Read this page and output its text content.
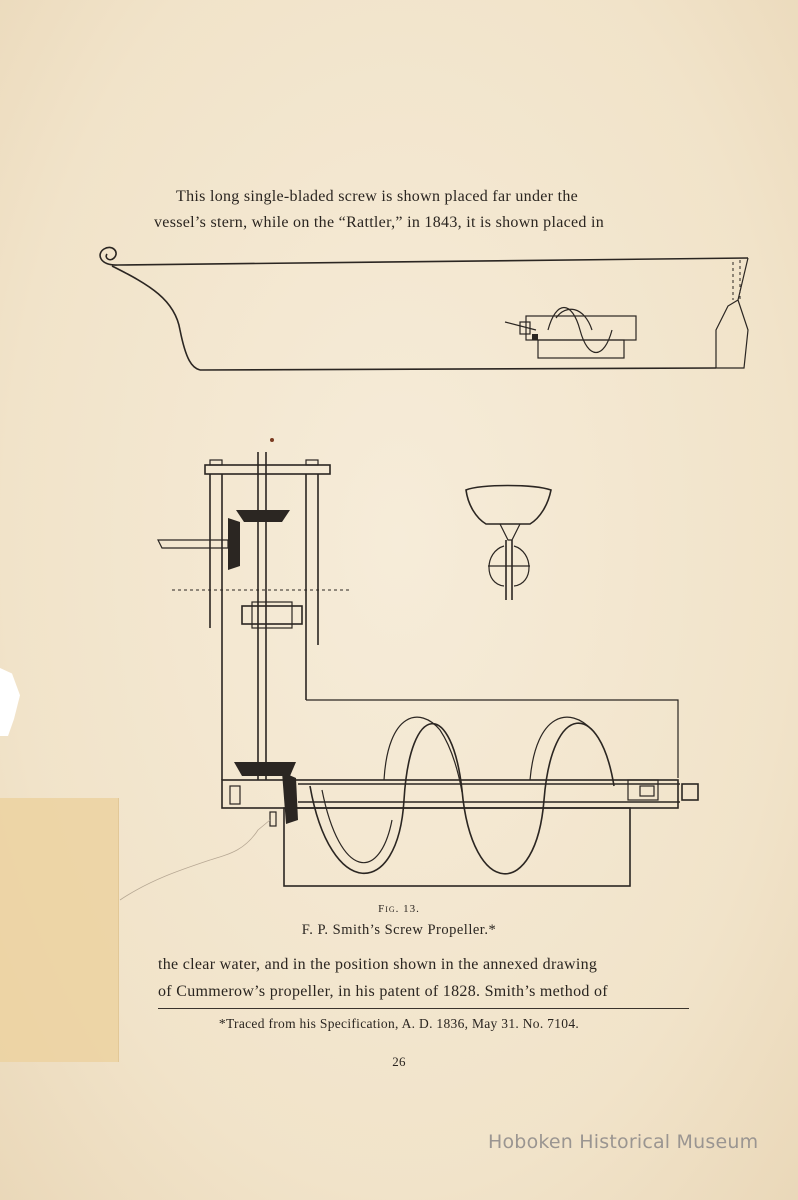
This long single-bladed screw is shown placed far under the

vessel’s stern, while on the “Rattler,” in 1843, it is shown placed in

Fig. 13.

F. P. Smith’s Screw Propeller.*

the clear water, and in the position shown in the annexed drawing

of Cummerow’s propeller, in his patent of 1828. Smith’s method of

*Traced from his Specification, A. D. 1836, May 31. No. 7104.

26

Hoboken Historical Museum
